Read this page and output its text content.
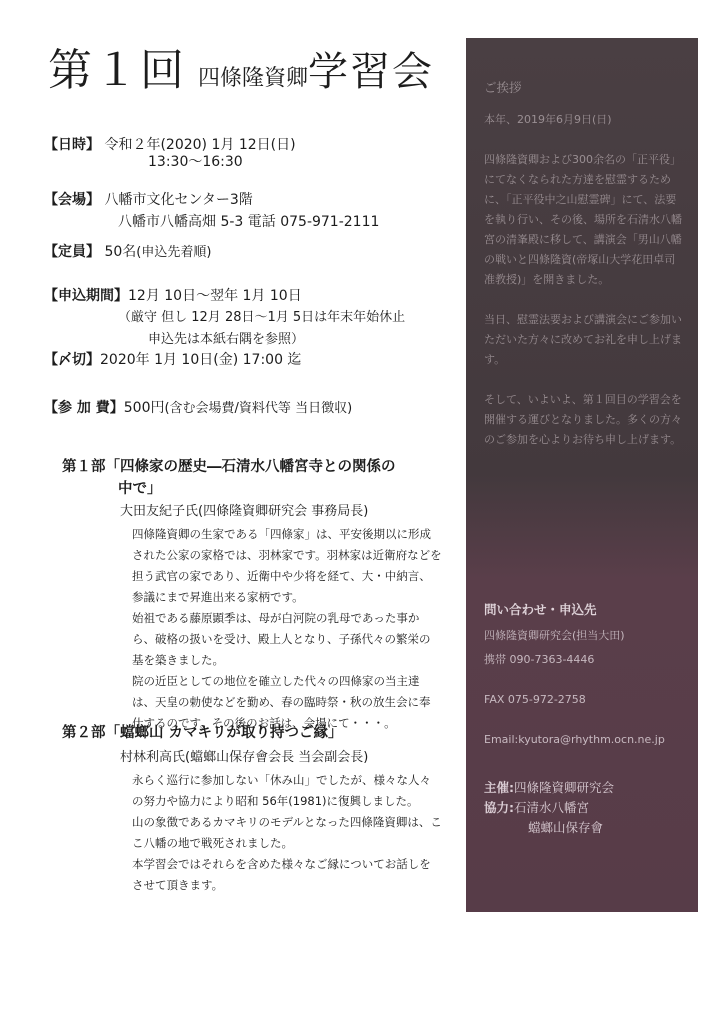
第１回 四條隆資卿学習会
【日時】 令和２年(2020) 1月 12日(日)
13:30〜16:30
【会場】 八幡市文化センター3階
八幡市八幡高畑 5-3 電話 075-971-2111
【定員】 50名(申込先着順)
【申込期間】12月 10日〜翌年 1月 10日
（厳守 但し 12月 28日〜1月 5日は年末年始休止
申込先は本紙右隅を参照）
【〆切】2020年 1月 10日(金) 17:00 迄
【参 加 費】500円(含む会場費/資料代等 当日徴収)
第１部「四條家の歴史―石清水八幡宮寺との関係の
中で」
大田友紀子氏(四條隆資卿研究会 事務局長)

四條隆資卿の生家である「四條家」は、平安後期以に形成された公家の家格では、羽林家です。羽林家は近衛府などを担う武官の家であり、近衛中や少将を経て、大・中納言、参議にまで昇進出来る家柄です。

始祖である藤原顕季は、母が白河院の乳母であった事から、破格の扱いを受け、殿上人となり、子孫代々の繁栄の基を築きました。

院の近臣としての地位を確立した代々の四條家の当主達は、天皇の勅使などを勤め、春の臨時祭・秋の放生会に奉仕するのです。その後のお話は、会場にて・・・。

第２部「蟷螂山 カマキリが取り持つご縁」
村林利高氏(蟷螂山保存會会長 当会副会長)

永らく巡行に参加しない「休み山」でしたが、様々な人々の努力や協力により昭和 56年(1981)に復興しました。

山の象徴であるカマキリのモデルとなった四條隆資卿は、ここ八幡の地で戦死されました。

本学習会ではそれらを含めた様々なご縁についてお話しをさせて頂きます。

ご挨拶
本年、2019年6月9日(日)

四條隆資卿および300余名の「正平役」にてなくなられた方達を慰霊するために、「正平役中之山慰霊碑」にて、法要を執り行い、その後、場所を石清水八幡宮の清峯殿に移して、講演会「男山八幡の戦いと四條隆資(帝塚山大学花田卓司准教授)」を開きました。

当日、慰霊法要および講演会にご参加いただいた方々に改めてお礼を申し上げます。

そして、いよいよ、第１回目の学習会を開催する運びとなりました。多くの方々のご参加を心よりお待ち申し上げます。

問い合わせ・申込先
四條隆資卿研究会(担当大田)
携帯 090-7363-4446
FAX 075-972-2758
Email:kyutora@rhythm.ocn.ne.jp
主催:四條隆資卿研究会
協力:石清水八幡宮
蟷螂山保存會
